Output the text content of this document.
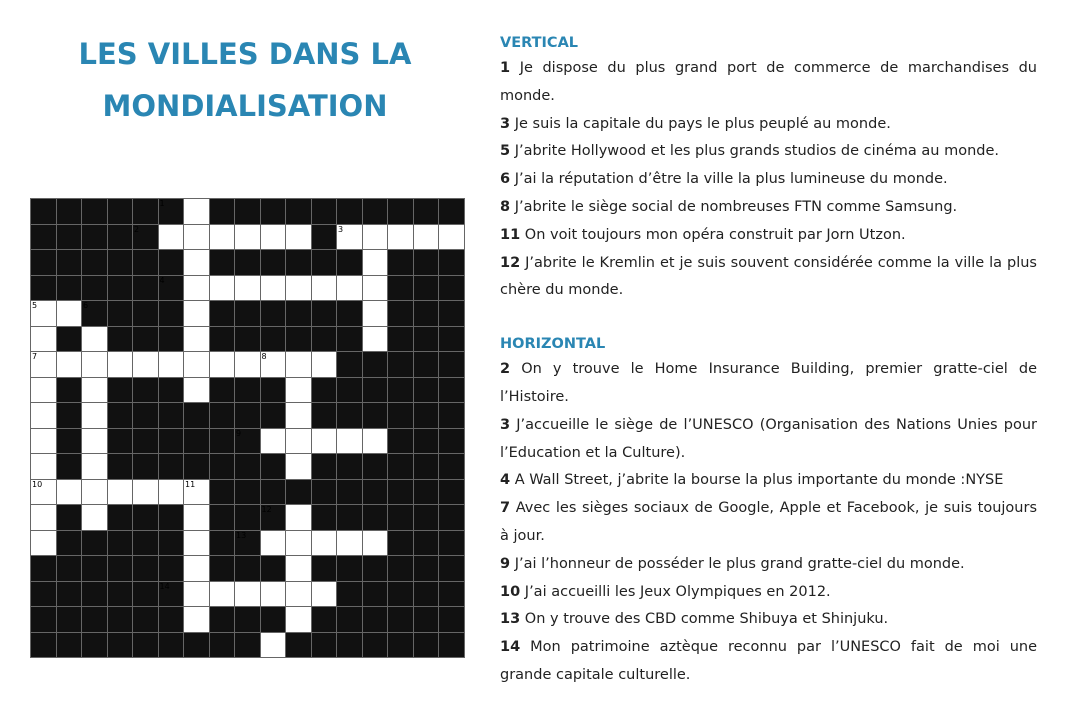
LES VILLES DANS LA MONDIALISATION

					1											

				2								3				

					4											

5		6														

7									8							

								9								

10						11										

									12							

								13								

					14											

VERTICAL

1 Je dispose du plus grand port de commerce de marchandises du monde.

3 Je suis la capitale du pays le plus peuplé au monde.

5 J’abrite Hollywood et les plus grands studios de cinéma au monde.

6 J’ai la réputation d’être la ville la plus lumineuse du monde.

8 J’abrite le siège social de nombreuses FTN comme Samsung.

11 On voit toujours mon opéra construit par Jorn Utzon.

12 J’abrite le Kremlin et je suis souvent considérée comme la ville la plus chère du monde.

HORIZONTAL

2 On y trouve le Home Insurance Building, premier gratte-ciel de l’Histoire.

3 J’accueille le siège de l’UNESCO (Organisation des Nations Unies pour l’Education et la Culture).

4 A Wall Street, j’abrite la bourse la plus importante du monde :NYSE

7 Avec les sièges sociaux de Google, Apple et Facebook, je suis toujours à jour.

9 J’ai l’honneur de posséder le plus grand gratte-ciel du monde.

10 J’ai accueilli les Jeux Olympiques en 2012.

13 On y trouve des CBD comme Shibuya et Shinjuku.

14 Mon patrimoine aztèque reconnu par l’UNESCO fait de moi une grande capitale culturelle.
